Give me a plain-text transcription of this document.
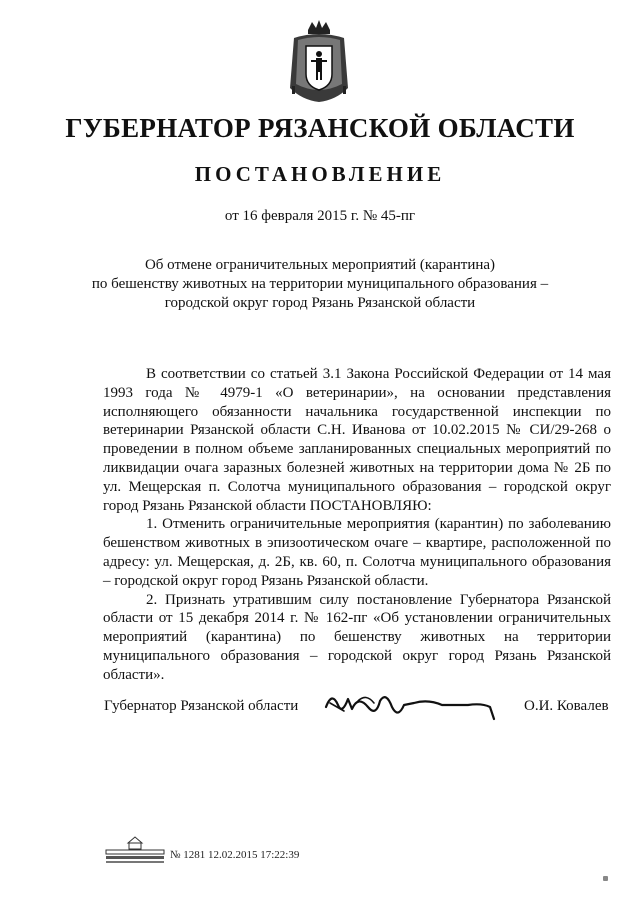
ГУБЕРНАТОР РЯЗАНСКОЙ ОБЛАСТИ
ПОСТАНОВЛЕНИЕ
от 16 февраля 2015 г. № 45-пг
Об отмене ограничительных мероприятий (карантина)
по бешенству животных на территории муниципального образования –
городской округ город Рязань Рязанской области

В соответствии со статьей 3.1 Закона Российской Федерации от 14 мая 1993 года № 4979-1 «О ветеринарии», на основании представления исполняющего обязанности начальника государственной инспекции по ветеринарии Рязанской области С.Н. Иванова от 10.02.2015 № СИ/29-268 о проведении в полном объеме запланированных специальных мероприятий по ликвидации очага заразных болезней животных на территории дома № 2Б по ул. Мещерская п. Солотча муниципального образования – городской округ город Рязань Рязанской области ПОСТАНОВЛЯЮ:

1. Отменить ограничительные мероприятия (карантин) по заболеванию бешенством животных в эпизоотическом очаге – квартире, расположенной по адресу: ул. Мещерская, д. 2Б, кв. 60, п. Солотча муниципального образования – городской округ город Рязань Рязанской области.

2. Признать утратившим силу постановление Губернатора Рязанской области от 15 декабря 2014 г. № 162-пг «Об установлении ограничительных мероприятий (карантина) по бешенству животных на территории муниципального образования – городской округ город Рязань Рязанской области».

Губернатор Рязанской области	О.И. Ковалев
№ 1281 12.02.2015 17:22:39
